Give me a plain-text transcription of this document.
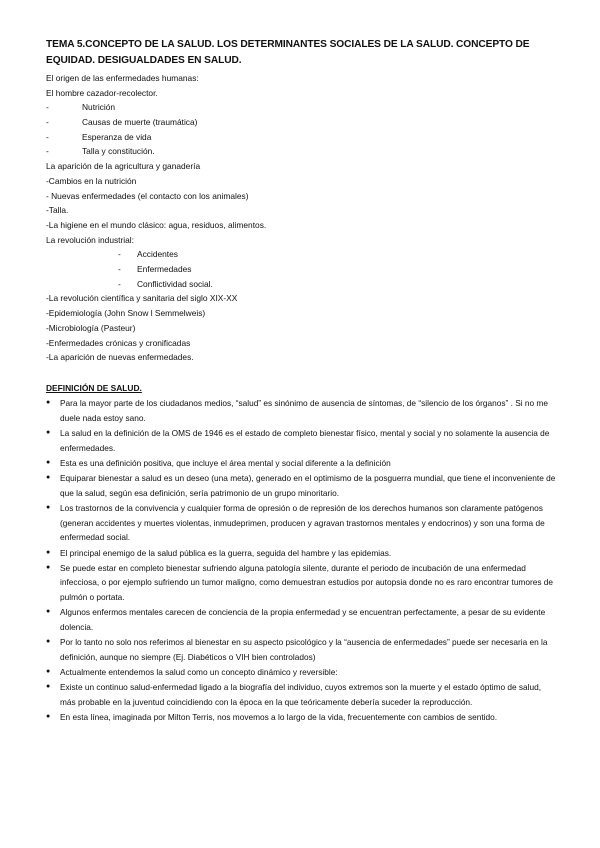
TEMA 5.CONCEPTO DE LA SALUD. LOS DETERMINANTES SOCIALES DE LA SALUD. CONCEPTO DE EQUIDAD. DESIGUALDADES EN SALUD.
El origen de las enfermedades humanas:
El hombre cazador-recolector.
-	Nutrición
-	Causas de muerte (traumática)
-	Esperanza de vida
-	Talla y constitución.
La aparición de la agricultura y ganadería
-Cambios en la nutrición
- Nuevas enfermedades (el contacto con los animales)
-Talla.
-La higiene en el mundo clásico: agua, residuos, alimentos.
La revolución industrial:
- Accidentes
- Enfermedades
- Conflictividad social.
-La revolución científica y sanitaria del siglo XIX-XX
-Epidemiología (John Snow l Semmelweis)
-Microbiología (Pasteur)
-Enfermedades crónicas y cronificadas
-La aparición de nuevas enfermedades.
DEFINICIÓN DE SALUD.
● Para la mayor parte de los ciudadanos medios, “salud” es sinónimo de ausencia de síntomas, de “silencio de los órganos” . Si no me duele nada estoy sano.
● La salud en la definición de la OMS de 1946 es el estado de completo bienestar físico, mental y social y no solamente la ausencia de enfermedades.
● Esta es una definición positiva, que incluye el área mental y social diferente a la definición
● Equiparar bienestar a salud es un deseo (una meta), generado en el optimismo de la posguerra mundial, que tiene el inconveniente de que la salud, según esa definición, sería patrimonio de un grupo minoritario.
● Los trastornos de la convivencia y cualquier forma de opresión o de represión de los derechos humanos son claramente patógenos (generan accidentes y muertes violentas, inmudeprimen, producen y agravan trastornos mentales y endocrinos) y son una forma de enfermedad social.
● El principal enemigo de la salud pública es la guerra, seguida del hambre y las epidemias.
● Se puede estar en completo bienestar sufriendo alguna patología silente, durante el periodo de incubación de una enfermedad infecciosa, o por ejemplo sufriendo un tumor maligno, como demuestran estudios por autopsia donde no es raro encontrar tumores de pulmón o portata.
● Algunos enfermos mentales carecen de conciencia de la propia enfermedad y se encuentran perfectamente, a pesar de su evidente dolencia.
● Por lo tanto no solo nos referimos al bienestar en su aspecto psicológico y la “ausencia de enfermedades” puede ser necesaria en la definición, aunque no siempre (Ej. Diabéticos o VIH bien controlados)
● Actualmente entendemos la salud como un concepto dinámico y reversible:
● Existe un continuo salud-enfermedad ligado a la biografía del individuo, cuyos extremos son la muerte y el estado óptimo de salud, más probable en la juventud coincidiendo con la época en la que teóricamente debería suceder la reproducción.
● En esta línea, imaginada por Milton Terris, nos movemos a lo largo de la vida, frecuentemente con cambios de sentido.
